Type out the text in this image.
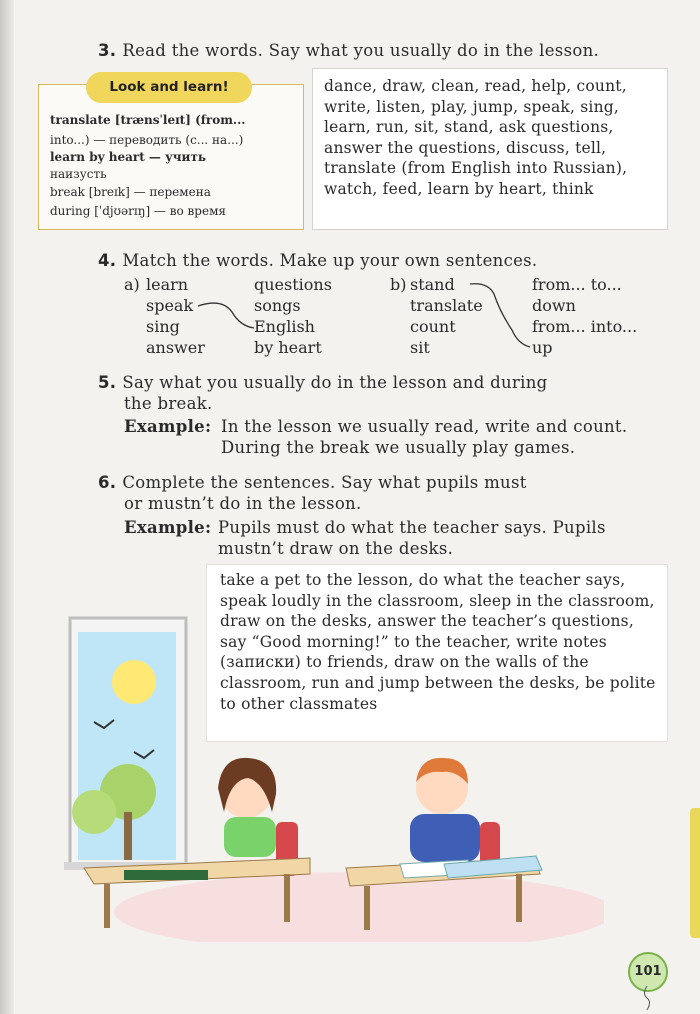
3. Read the words. Say what you usually do in the lesson.
Look and learn!
translate [trænsˈleɪt] (from...
into...) — переводить (с... на...)
learn by heart — учить
наизусть
break [breɪk] — перемена
during [ˈdjʊərɪŋ] — во время
dance, draw, clean, read, help, count, write, listen, play, jump, speak, sing, learn, run, sit, stand, ask questions, answer the questions, discuss, tell, translate (from English into Russian), watch, feed, learn by heart, think
4. Match the words. Make up your own sentences.
a) learn
speak
sing
answer
questions
songs
English
by heart
b) stand
translate
count
sit
from... to...
down
from... into...
up
5. Say what you usually do in the lesson and during
the break.
Example: In the lesson we usually read, write and count.
During the break we usually play games.
6. Complete the sentences. Say what pupils must
or mustn’t do in the lesson.
Example: Pupils must do what the teacher says. Pupils
mustn’t draw on the desks.
take a pet to the lesson, do what the teacher says, speak loudly in the classroom, sleep in the classroom, draw on the desks, answer the teacher’s questions, say “Good morning!” to the teacher, write notes (записки) to friends, draw on the walls of the classroom, run and jump between the desks, be polite to other classmates
101
